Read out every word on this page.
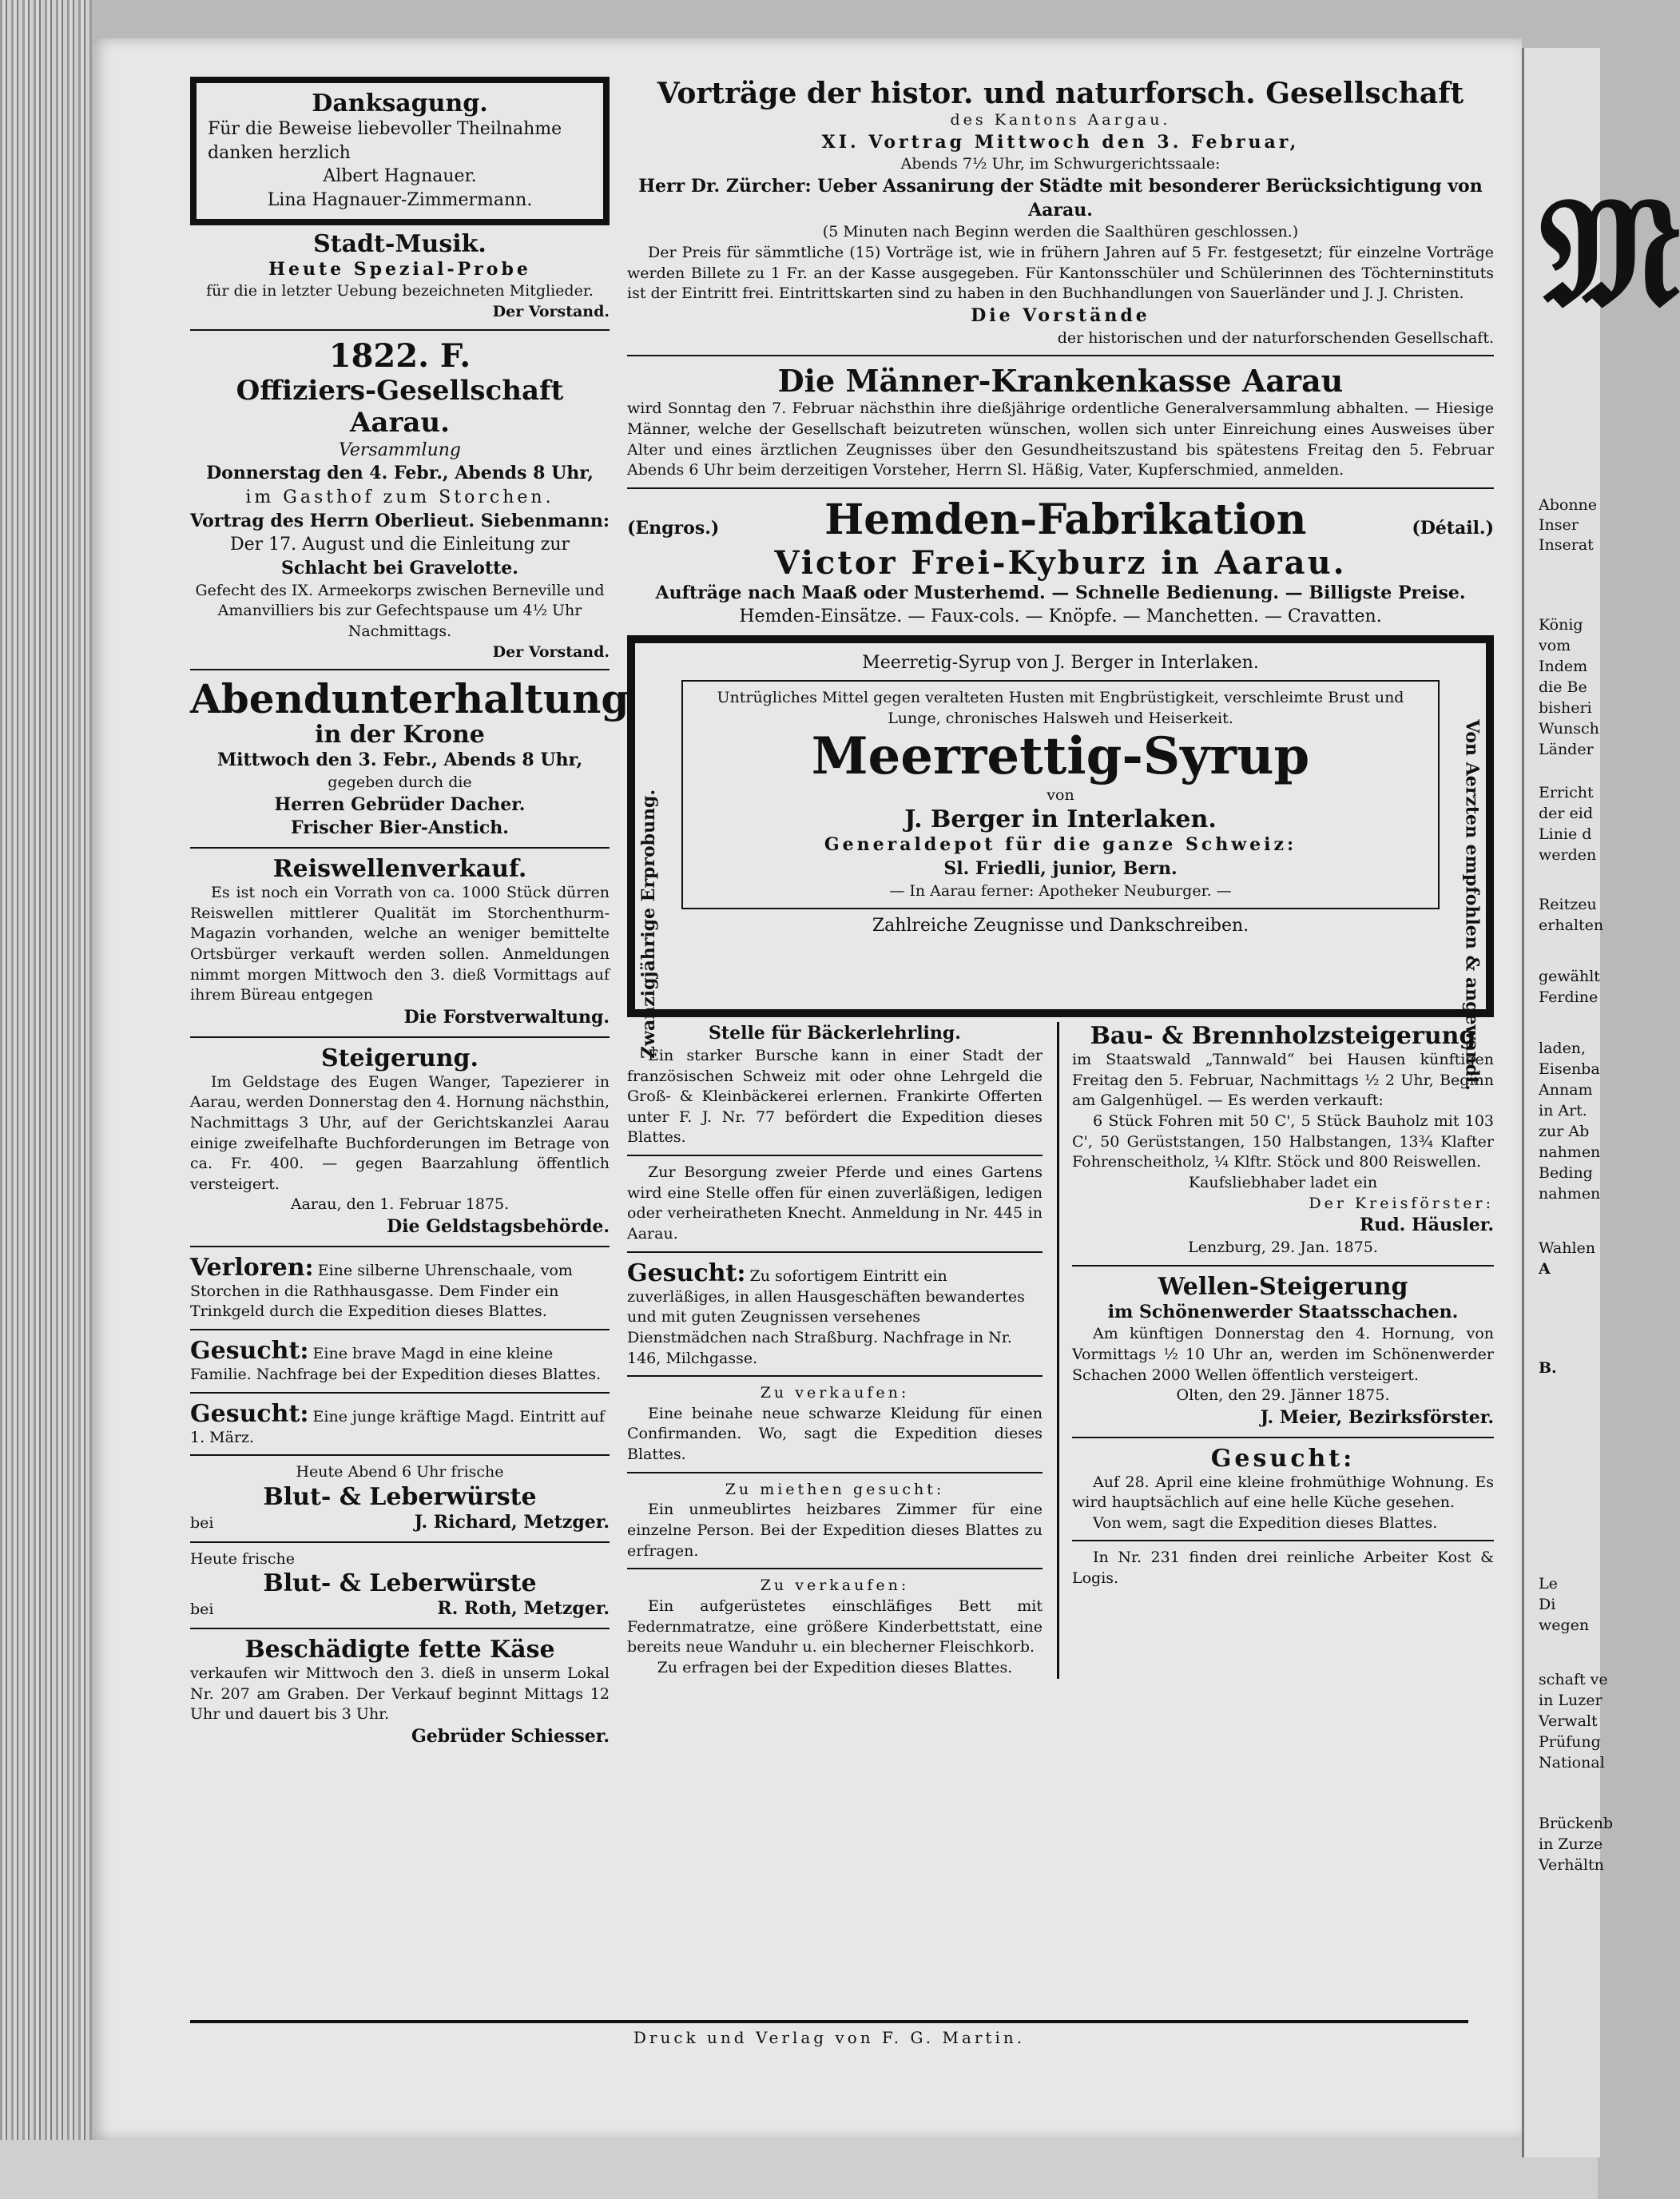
Danksagung.
Für die Beweise liebevoller Theilnahme danken herzlich
Albert Hagnauer.
Lina Hagnauer-Zimmermann.
Stadt-Musik.
Heute Spezial-Probe
für die in letzter Uebung bezeichneten Mitglieder.
Der Vorstand.
1822. F.
Offiziers-Gesellschaft Aarau.
Versammlung
Donnerstag den 4. Febr., Abends 8 Uhr,
im Gasthof zum Storchen.
Vortrag des Herrn Oberlieut. Siebenmann:
Der 17. August und die Einleitung zur
Schlacht bei Gravelotte.
Gefecht des IX. Armeekorps zwischen Berneville und Amanvilliers bis zur Gefechtspause um 4½ Uhr Nachmittags.
Der Vorstand.
Abendunterhaltung
in der Krone
Mittwoch den 3. Febr., Abends 8 Uhr,
gegeben durch die
Herren Gebrüder Dacher.
Frischer Bier-Anstich.
Reiswellenverkauf.
Es ist noch ein Vorrath von ca. 1000 Stück dürren Reiswellen mittlerer Qualität im Storchenthurm-Magazin vorhanden, welche an weniger bemittelte Ortsbürger verkauft werden sollen. Anmeldungen nimmt morgen Mittwoch den 3. dieß Vormittags auf ihrem Büreau entgegen
Die Forstverwaltung.
Steigerung.
Im Geldstage des Eugen Wanger, Tapezierer in Aarau, werden Donnerstag den 4. Hornung nächsthin, Nachmittags 3 Uhr, auf der Gerichtskanzlei Aarau einige zweifelhafte Buchforderungen im Betrage von ca. Fr. 400. — gegen Baarzahlung öffentlich versteigert.
Aarau, den 1. Februar 1875.
Die Geldstagsbehörde.
Verloren: Eine silberne Uhrenschaale, vom Storchen in die Rathhausgasse. Dem Finder ein Trinkgeld durch die Expedition dieses Blattes.
Gesucht: Eine brave Magd in eine kleine Familie. Nachfrage bei der Expedition dieses Blattes.
Gesucht: Eine junge kräftige Magd. Eintritt auf 1. März.
Heute Abend 6 Uhr frische
Blut- & Leberwürste
bei	J. Richard, Metzger.
Heute frische
Blut- & Leberwürste
bei	R. Roth, Metzger.
Beschädigte fette Käse
verkaufen wir Mittwoch den 3. dieß in unserm Lokal Nr. 207 am Graben. Der Verkauf beginnt Mittags 12 Uhr und dauert bis 3 Uhr.
Gebrüder Schiesser.
Vorträge der histor. und naturforsch. Gesellschaft
des Kantons Aargau.
XI. Vortrag Mittwoch den 3. Februar,
Abends 7½ Uhr, im Schwurgerichtssaale:
Herr Dr. Zürcher: Ueber Assanirung der Städte mit besonderer Berücksichtigung von Aarau.
(5 Minuten nach Beginn werden die Saalthüren geschlossen.)
Der Preis für sämmtliche (15) Vorträge ist, wie in frühern Jahren auf 5 Fr. festgesetzt; für einzelne Vorträge werden Billete zu 1 Fr. an der Kasse ausgegeben. Für Kantonsschüler und Schülerinnen des Töchterninstituts ist der Eintritt frei. Eintrittskarten sind zu haben in den Buchhandlungen von Sauerländer und J. J. Christen.
Die Vorstände
der historischen und der naturforschenden Gesellschaft.
Die Männer-Krankenkasse Aarau
wird Sonntag den 7. Februar nächsthin ihre dießjährige ordentliche Generalversammlung abhalten. — Hiesige Männer, welche der Gesellschaft beizutreten wünschen, wollen sich unter Einreichung eines Ausweises über Alter und eines ärztlichen Zeugnisses über den Gesundheitszustand bis spätestens Freitag den 5. Februar Abends 6 Uhr beim derzeitigen Vorsteher, Herrn Sl. Häßig, Vater, Kupferschmied, anmelden.
(Engros.)	Hemden-Fabrikation	(Détail.)
Victor Frei-Kyburz in Aarau.
Aufträge nach Maaß oder Musterhemd. — Schnelle Bedienung. — Billigste Preise.
Hemden-Einsätze. — Faux-cols. — Knöpfe. — Manchetten. — Cravatten.
Meerretig-Syrup von J. Berger in Interlaken.
Zwanzigjährige Erprobung.	Von Aerzten empfohlen & angewandt.
Untrügliches Mittel gegen veralteten Husten mit Engbrüstigkeit, verschleimte Brust und Lunge, chronisches Halsweh und Heiserkeit.
Meerrettig-Syrup
von
J. Berger in Interlaken.
Generaldepot für die ganze Schweiz:
Sl. Friedli, junior, Bern.
— In Aarau ferner: Apotheker Neuburger. —
Zahlreiche Zeugnisse und Dankschreiben.
Stelle für Bäckerlehrling.
Ein starker Bursche kann in einer Stadt der französischen Schweiz mit oder ohne Lehrgeld die Groß- & Kleinbäckerei erlernen. Frankirte Offerten unter F. J. Nr. 77 befördert die Expedition dieses Blattes.
Zur Besorgung zweier Pferde und eines Gartens wird eine Stelle offen für einen zuverläßigen, ledigen oder verheiratheten Knecht. Anmeldung in Nr. 445 in Aarau.
Gesucht: Zu sofortigem Eintritt ein zuverläßiges, in allen Hausgeschäften bewandertes und mit guten Zeugnissen versehenes Dienstmädchen nach Straßburg. Nachfrage in Nr. 146, Milchgasse.
Zu verkaufen:
Eine beinahe neue schwarze Kleidung für einen Confirmanden. Wo, sagt die Expedition dieses Blattes.
Zu miethen gesucht:
Ein unmeublirtes heizbares Zimmer für eine einzelne Person. Bei der Expedition dieses Blattes zu erfragen.
Zu verkaufen:
Ein aufgerüstetes einschläfiges Bett mit Federnmatratze, eine größere Kinderbettstatt, eine bereits neue Wanduhr u. ein blecherner Fleischkorb.
Zu erfragen bei der Expedition dieses Blattes.
Bau- & Brennholzsteigerung
im Staatswald „Tannwald“ bei Hausen künftigen Freitag den 5. Februar, Nachmittags ½ 2 Uhr, Beginn am Galgenhügel. — Es werden verkauft:
6 Stück Fohren mit 50 C', 5 Stück Bauholz mit 103 C', 50 Gerüststangen, 150 Halbstangen, 13¾ Klafter Fohrenscheitholz, ¼ Klftr. Stöck und 800 Reiswellen.
Kaufsliebhaber ladet ein
Der Kreisförster:
Rud. Häusler.
Lenzburg, 29. Jan. 1875.
Wellen-Steigerung
im Schönenwerder Staatsschachen.
Am künftigen Donnerstag den 4. Hornung, von Vormittags ½ 10 Uhr an, werden im Schönenwerder Schachen 2000 Wellen öffentlich versteigert.
Olten, den 29. Jänner 1875.
J. Meier, Bezirksförster.
Gesucht:
Auf 28. April eine kleine frohmüthige Wohnung. Es wird hauptsächlich auf eine helle Küche gesehen.
Von wem, sagt die Expedition dieses Blattes.
In Nr. 231 finden drei reinliche Arbeiter Kost & Logis.
Druck und Verlag von F. G. Martin.
𝔐
Abonne
Inser
Inserat
König
vom
Indem
die Be
bisheri
Wunsch
Länder
Erricht
der eid
Linie d
werden
Reitzeu
erhalten
gewählt
Ferdine
laden,
Eisenba
Annam
in Art.
zur Ab
nahmen
Beding
nahmen
Wahlen
A
B.
Le
Di
wegen
schaft ve
in Luzer
Verwalt
Prüfung
National
Brückenb
in Zurze
Verhältn
